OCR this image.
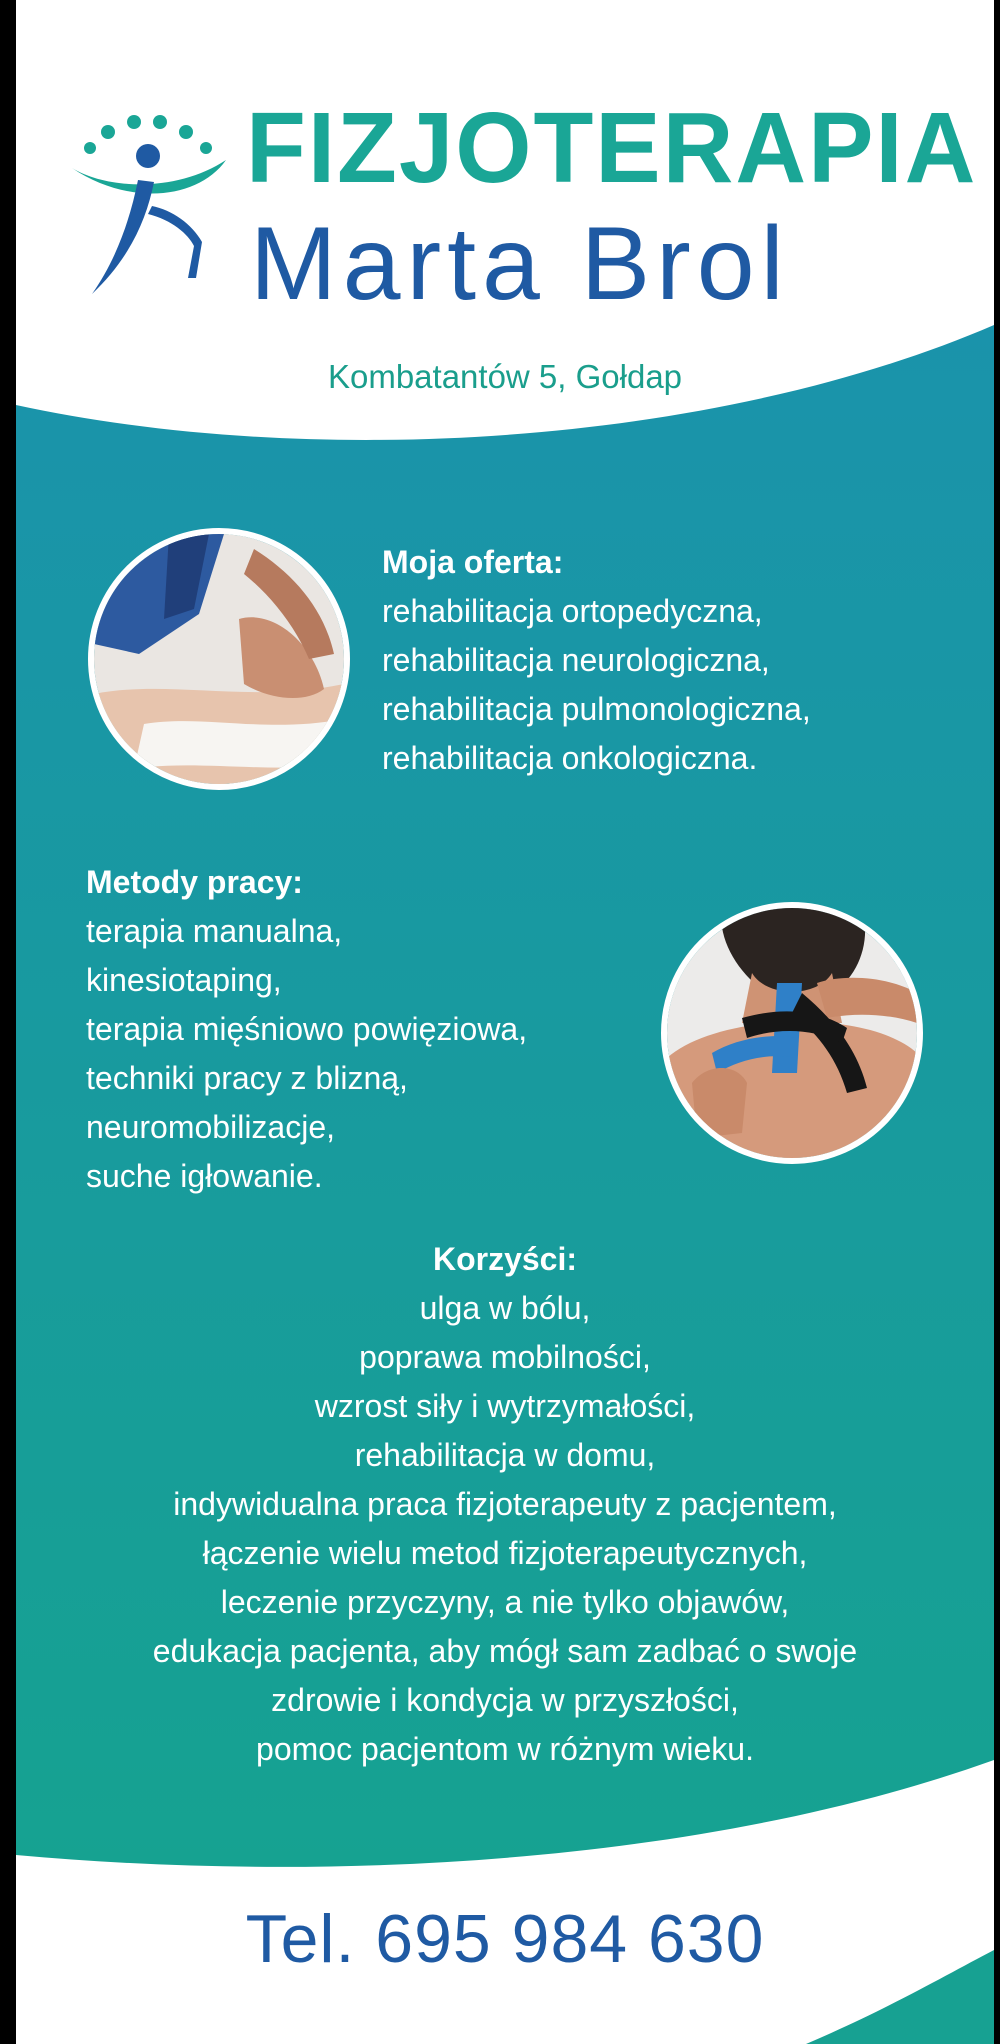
FIZJOTERAPIA
Marta Brol
Kombatantów 5, Gołdap
Moja oferta:
rehabilitacja ortopedyczna,
rehabilitacja neurologiczna,
rehabilitacja pulmonologiczna,
rehabilitacja onkologiczna.
Metody pracy:
terapia manualna,
kinesiotaping,
terapia mięśniowo powięziowa,
techniki pracy z blizną,
neuromobilizacje,
suche igłowanie.
Korzyści:
ulga w bólu,
poprawa mobilności,
wzrost siły i wytrzymałości,
rehabilitacja w domu,
indywidualna praca fizjoterapeuty z pacjentem,
łączenie wielu metod fizjoterapeutycznych,
leczenie przyczyny, a nie tylko objawów,
edukacja pacjenta, aby mógł sam zadbać o swoje
zdrowie i kondycja w przyszłości,
pomoc pacjentom w różnym wieku.
Tel. 695 984 630
